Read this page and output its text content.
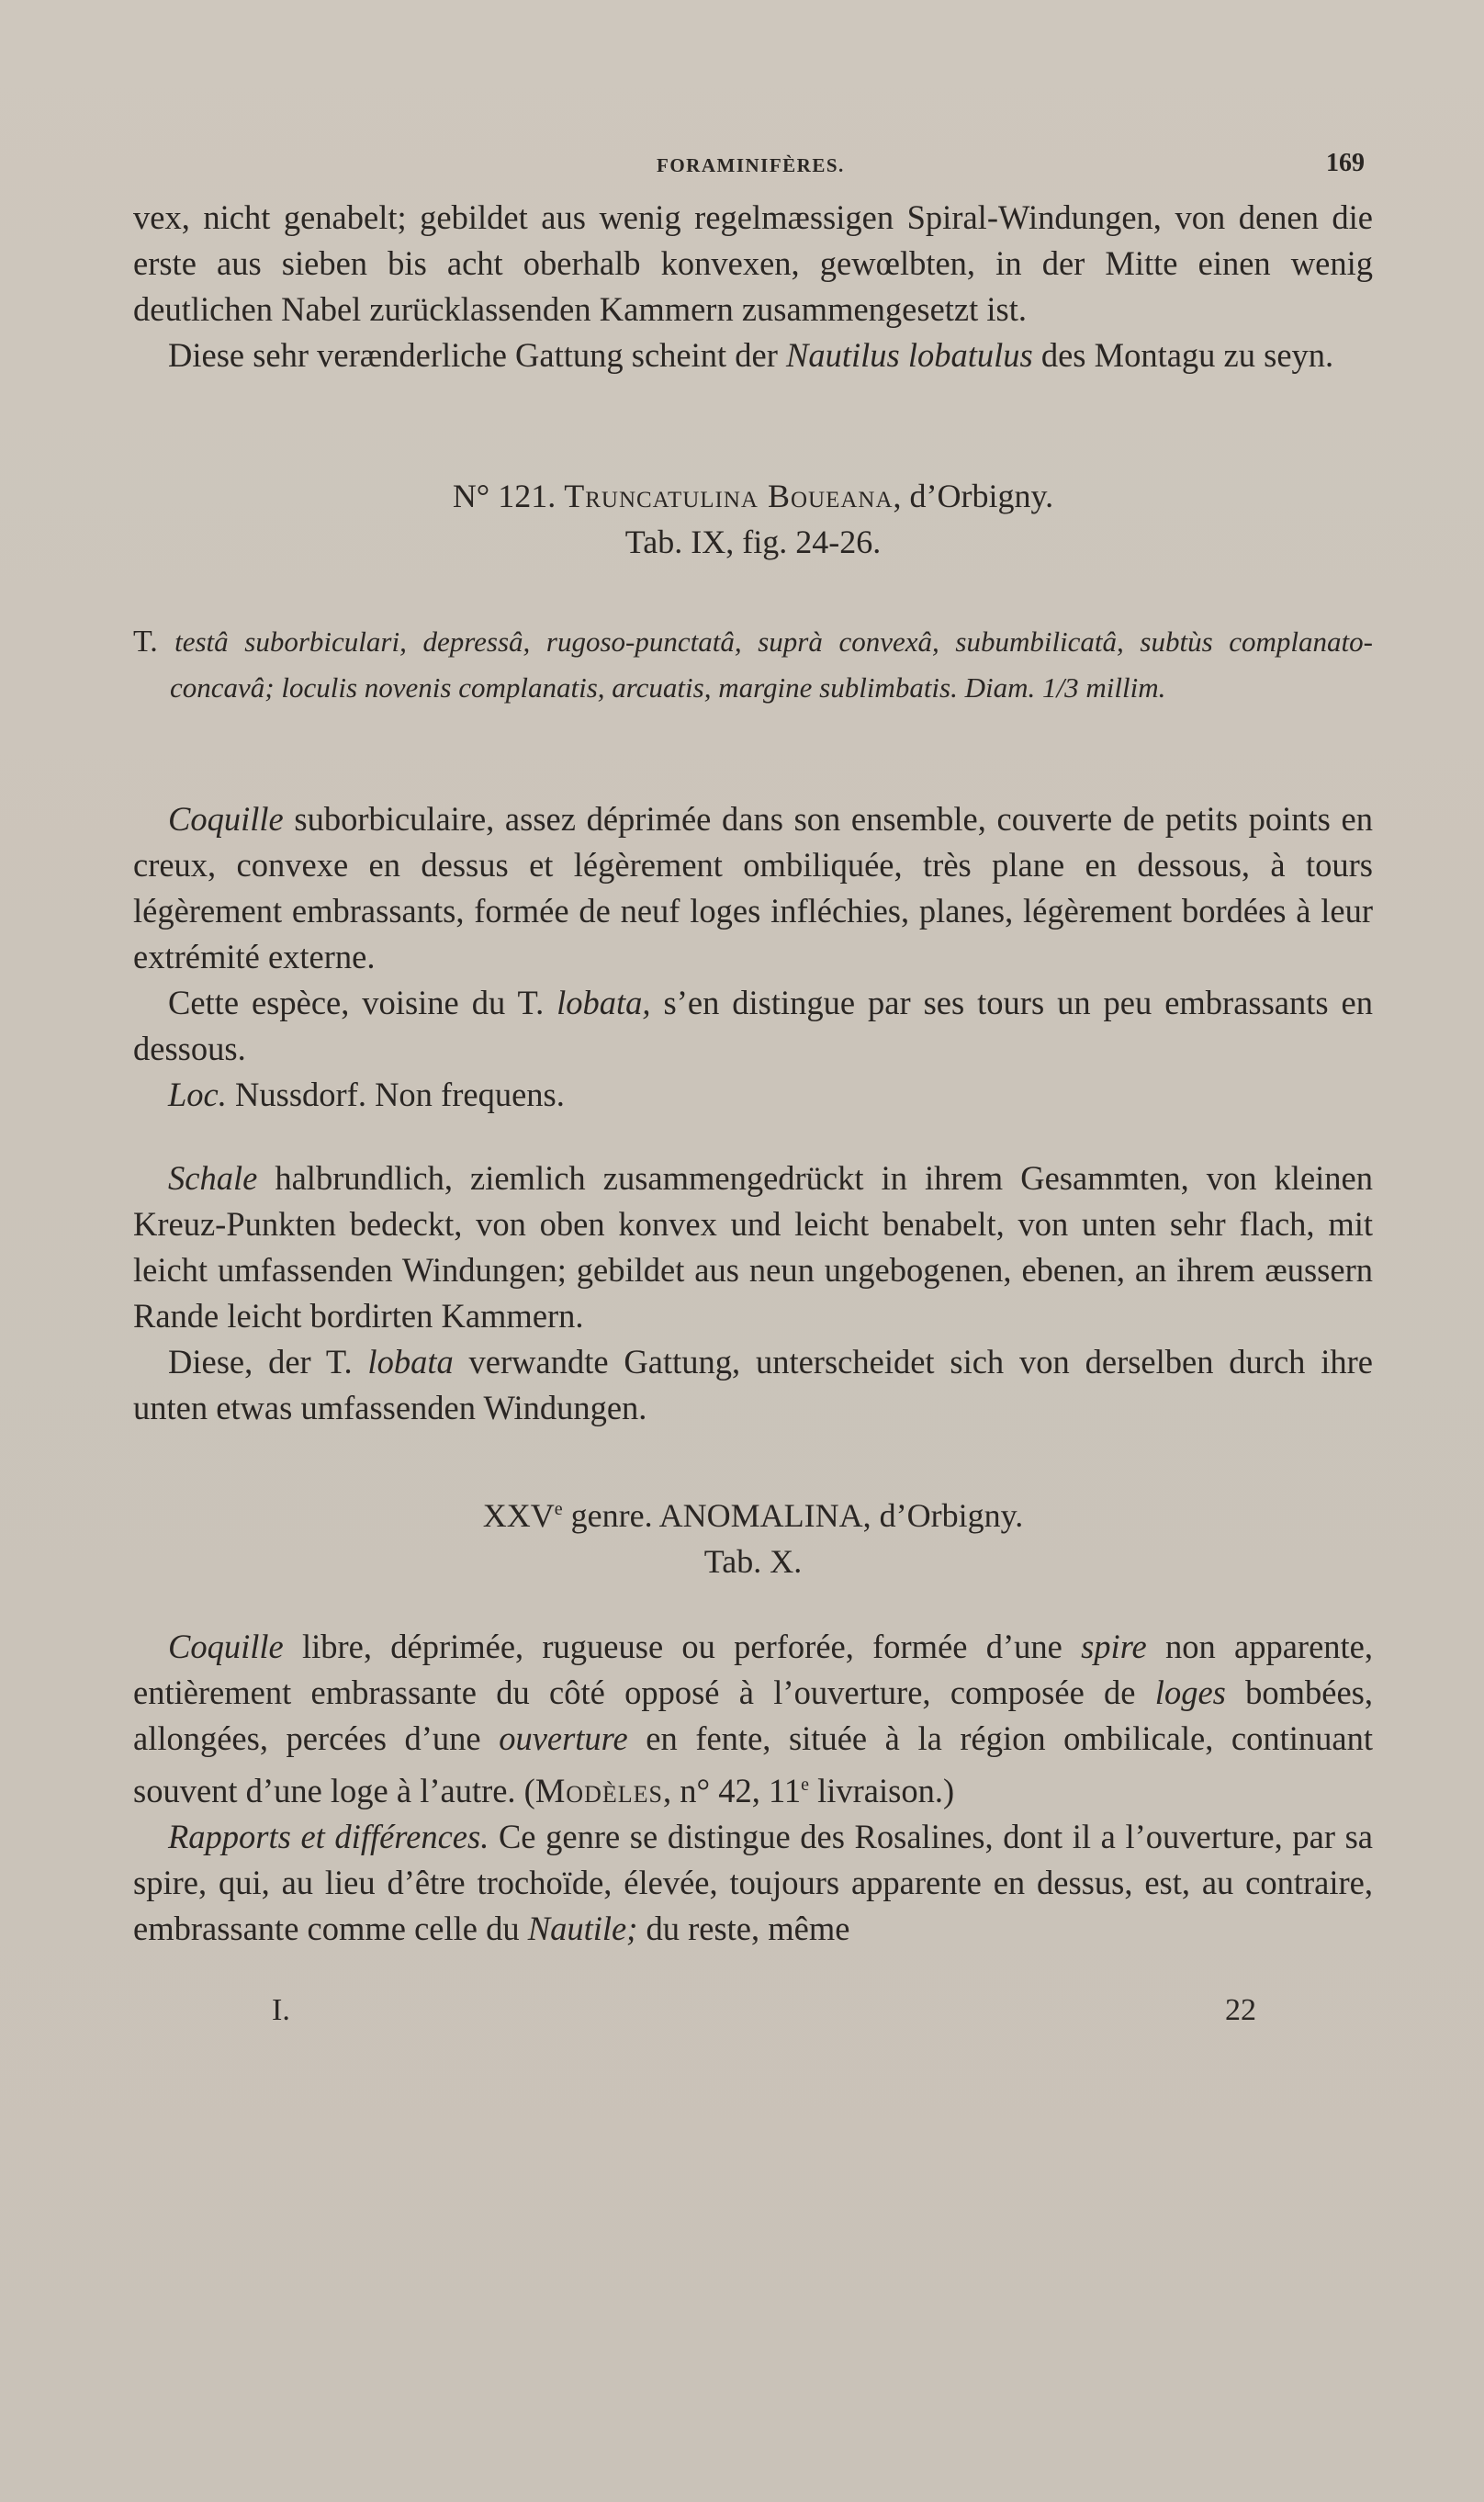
FORAMINIFÈRES.	169

vex, nicht genabelt; gebildet aus wenig regelmæssigen Spiral-Windungen, von denen die erste aus sieben bis acht oberhalb konvexen, gewœlbten, in der Mitte einen wenig deutlichen Nabel zurücklassenden Kammern zusammengesetzt ist.

Diese sehr verænderliche Gattung scheint der Nautilus lobatulus des Montagu zu seyn.

N° 121. Truncatulina Boueana, d’Orbigny.

Tab. IX, fig. 24-26.

T. testâ suborbiculari, depressâ, rugoso-punctatâ, suprà convexâ, subumbilicatâ, subtùs complanato-concavâ; loculis novenis complanatis, arcuatis, margine sublimbatis. Diam. 1/3 millim.

Coquille suborbiculaire, assez déprimée dans son ensemble, couverte de petits points en creux, convexe en dessus et légèrement ombiliquée, très plane en dessous, à tours légèrement embrassants, formée de neuf loges infléchies, planes, légèrement bordées à leur extrémité externe.

Cette espèce, voisine du T. lobata, s’en distingue par ses tours un peu embrassants en dessous.

Loc. Nussdorf. Non frequens.

Schale halbrundlich, ziemlich zusammengedrückt in ihrem Gesammten, von kleinen Kreuz-Punkten bedeckt, von oben konvex und leicht benabelt, von unten sehr flach, mit leicht umfassenden Windungen; gebildet aus neun ungebogenen, ebenen, an ihrem æussern Rande leicht bordirten Kammern.

Diese, der T. lobata verwandte Gattung, unterscheidet sich von derselben durch ihre unten etwas umfassenden Windungen.

XXVe genre. ANOMALINA, d’Orbigny.

Tab. X.

Coquille libre, déprimée, rugueuse ou perforée, formée d’une spire non apparente, entièrement embrassante du côté opposé à l’ouverture, composée de loges bombées, allongées, percées d’une ouverture en fente, située à la région ombilicale, continuant souvent d’une loge à l’autre. (Modèles, n° 42, 11e livraison.)

Rapports et différences. Ce genre se distingue des Rosalines, dont il a l’ouverture, par sa spire, qui, au lieu d’être trochoïde, élevée, toujours apparente en dessus, est, au contraire, embrassante comme celle du Nautile; du reste, même

I.	22
